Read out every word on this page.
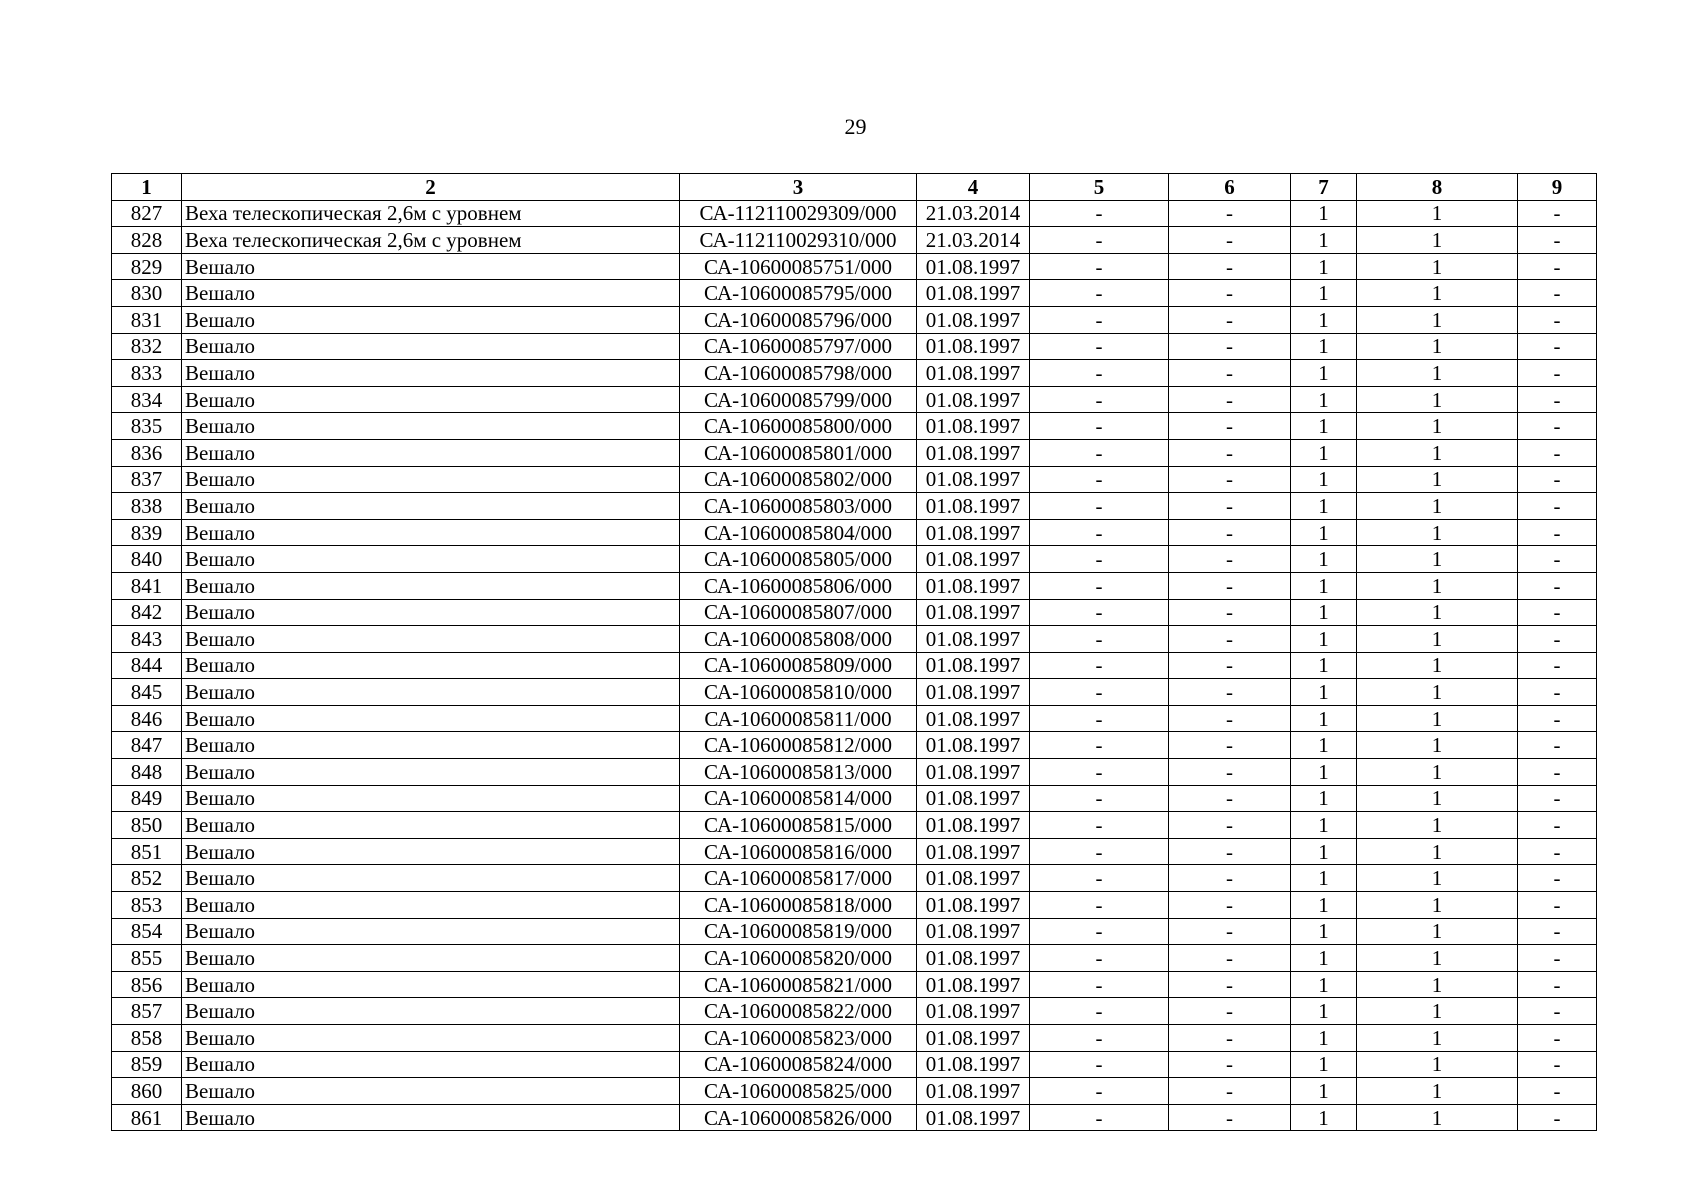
29
1	2	3	4	5	6	7	8	9
827	Веха телескопическая 2,6м с уровнем	СА-112110029309/000	21.03.2014	-	-	1	1	-
828	Веха телескопическая 2,6м с уровнем	СА-112110029310/000	21.03.2014	-	-	1	1	-
829	Вешало	СА-10600085751/000	01.08.1997	-	-	1	1	-
830	Вешало	СА-10600085795/000	01.08.1997	-	-	1	1	-
831	Вешало	СА-10600085796/000	01.08.1997	-	-	1	1	-
832	Вешало	СА-10600085797/000	01.08.1997	-	-	1	1	-
833	Вешало	СА-10600085798/000	01.08.1997	-	-	1	1	-
834	Вешало	СА-10600085799/000	01.08.1997	-	-	1	1	-
835	Вешало	СА-10600085800/000	01.08.1997	-	-	1	1	-
836	Вешало	СА-10600085801/000	01.08.1997	-	-	1	1	-
837	Вешало	СА-10600085802/000	01.08.1997	-	-	1	1	-
838	Вешало	СА-10600085803/000	01.08.1997	-	-	1	1	-
839	Вешало	СА-10600085804/000	01.08.1997	-	-	1	1	-
840	Вешало	СА-10600085805/000	01.08.1997	-	-	1	1	-
841	Вешало	СА-10600085806/000	01.08.1997	-	-	1	1	-
842	Вешало	СА-10600085807/000	01.08.1997	-	-	1	1	-
843	Вешало	СА-10600085808/000	01.08.1997	-	-	1	1	-
844	Вешало	СА-10600085809/000	01.08.1997	-	-	1	1	-
845	Вешало	СА-10600085810/000	01.08.1997	-	-	1	1	-
846	Вешало	СА-10600085811/000	01.08.1997	-	-	1	1	-
847	Вешало	СА-10600085812/000	01.08.1997	-	-	1	1	-
848	Вешало	СА-10600085813/000	01.08.1997	-	-	1	1	-
849	Вешало	СА-10600085814/000	01.08.1997	-	-	1	1	-
850	Вешало	СА-10600085815/000	01.08.1997	-	-	1	1	-
851	Вешало	СА-10600085816/000	01.08.1997	-	-	1	1	-
852	Вешало	СА-10600085817/000	01.08.1997	-	-	1	1	-
853	Вешало	СА-10600085818/000	01.08.1997	-	-	1	1	-
854	Вешало	СА-10600085819/000	01.08.1997	-	-	1	1	-
855	Вешало	СА-10600085820/000	01.08.1997	-	-	1	1	-
856	Вешало	СА-10600085821/000	01.08.1997	-	-	1	1	-
857	Вешало	СА-10600085822/000	01.08.1997	-	-	1	1	-
858	Вешало	СА-10600085823/000	01.08.1997	-	-	1	1	-
859	Вешало	СА-10600085824/000	01.08.1997	-	-	1	1	-
860	Вешало	СА-10600085825/000	01.08.1997	-	-	1	1	-
861	Вешало	СА-10600085826/000	01.08.1997	-	-	1	1	-
